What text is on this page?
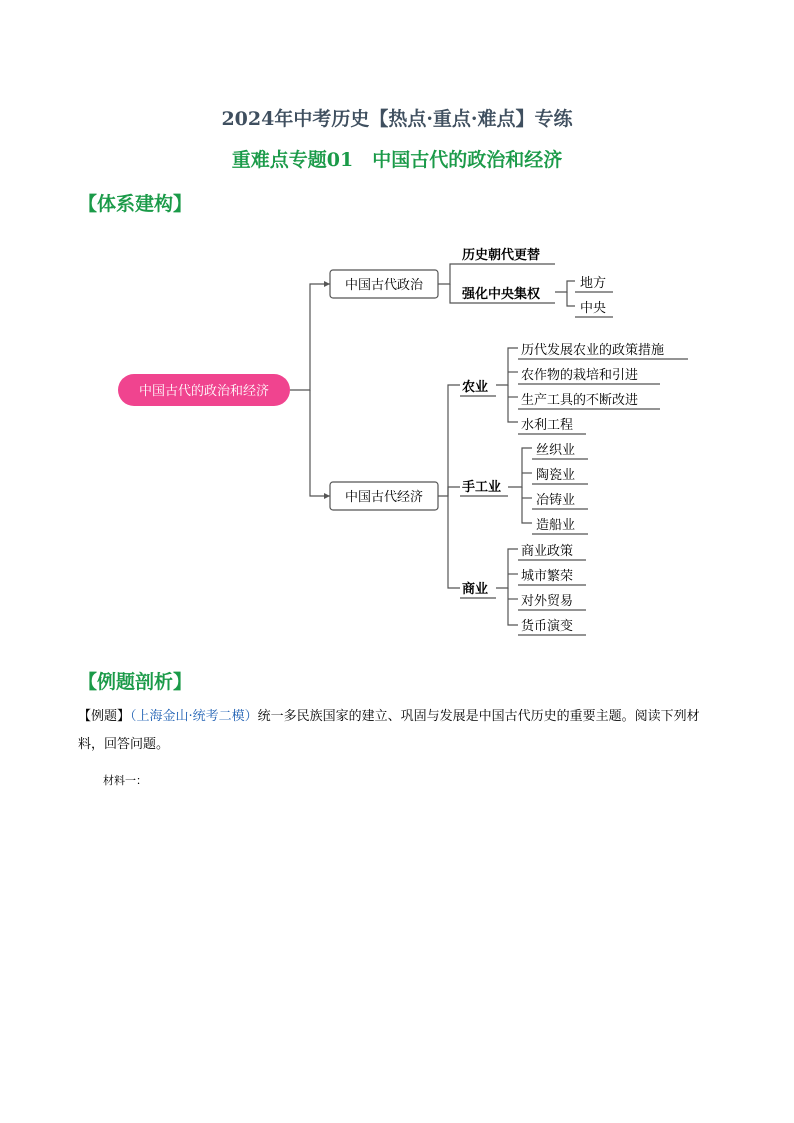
2024年中考历史【热点·重点·难点】专练
重难点专题01　中国古代的政治和经济
【体系建构】
中国古代的政治和经济
中国古代政治
中国古代经济
历史朝代更替
强化中央集权
地方
中央
农业
手工业
商业
历代发展农业的政策措施
农作物的栽培和引进
生产工具的不断改进
水利工程
丝织业
陶瓷业
冶铸业
造船业
商业政策
城市繁荣
对外贸易
货币演变
【例题剖析】
【例题】（上海金山·统考二模）统一多民族国家的建立、巩固与发展是中国古代历史的重要主题。阅读下列材料，回答问题。
材料一：
